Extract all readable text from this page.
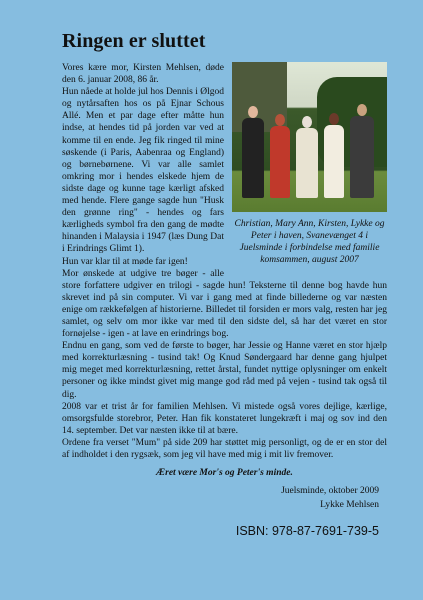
Ringen er sluttet
Christian, Mary Ann, Kirsten, Lykke og Peter i haven, Svanevænget 4 i Juelsminde i forbindelse med familie komsammen, august 2007

Vores kære mor, Kirsten Mehlsen, døde den 6. januar 2008, 86 år.

Hun nåede at holde jul hos Dennis i Ølgod og nytårsaften hos os på Ejnar Schous Allé. Men et par dage efter måtte hun indse, at hendes tid på jorden var ved at komme til en ende. Jeg fik ringed til mine søskende (i Paris, Aabenraa og England) og børnebørnene. Vi var alle samlet omkring mor i hendes elskede hjem de sidste dage og kunne tage kærligt afsked med hende. Flere gange sagde hun "Husk den grønne ring" - hendes og fars kærligheds symbol fra den gang de mødte hinanden i Malaysia i 1947 (læs Dung Dat i Erindrings Glimt 1).

Hun var klar til at møde far igen!

Mor ønskede at udgive tre bøger - alle store forfattere udgiver en trilogi - sagde hun! Teksterne til denne bog havde hun skrevet ind på sin computer. Vi var i gang med at finde billederne og var næsten enige om rækkefølgen af historierne. Billedet til forsiden er mors valg, resten har jeg samlet, og selv om mor ikke var med til den sidste del, så har det været en stor fornøjelse - igen - at lave en erindrings bog.

Endnu en gang, som ved de første to bøger, har Jessie og Hanne været en stor hjælp med korrekturlæsning - tusind tak! Og Knud Søndergaard har denne gang hjulpet mig meget med korrekturlæsning, rettet årstal, fundet nyttige oplysninger om enkelt personer og ikke mindst givet mig mange god råd med på vejen - tusind tak også til dig.

2008 var et trist år for familien Mehlsen. Vi mistede også vores dejlige, kærlige, omsorgsfulde storebror, Peter. Han fik konstateret lungekræft i maj og sov ind den 14. september. Det var næsten ikke til at bære.

Ordene fra verset "Mum" på side 209 har støttet mig personligt, og de er en stor del af indholdet i den rygsæk, som jeg vil have med mig i mit liv fremover.

Æret være Mor's og Peter's minde.
Juelsminde, oktober 2009
Lykke Mehlsen
ISBN: 978-87-7691-739-5
